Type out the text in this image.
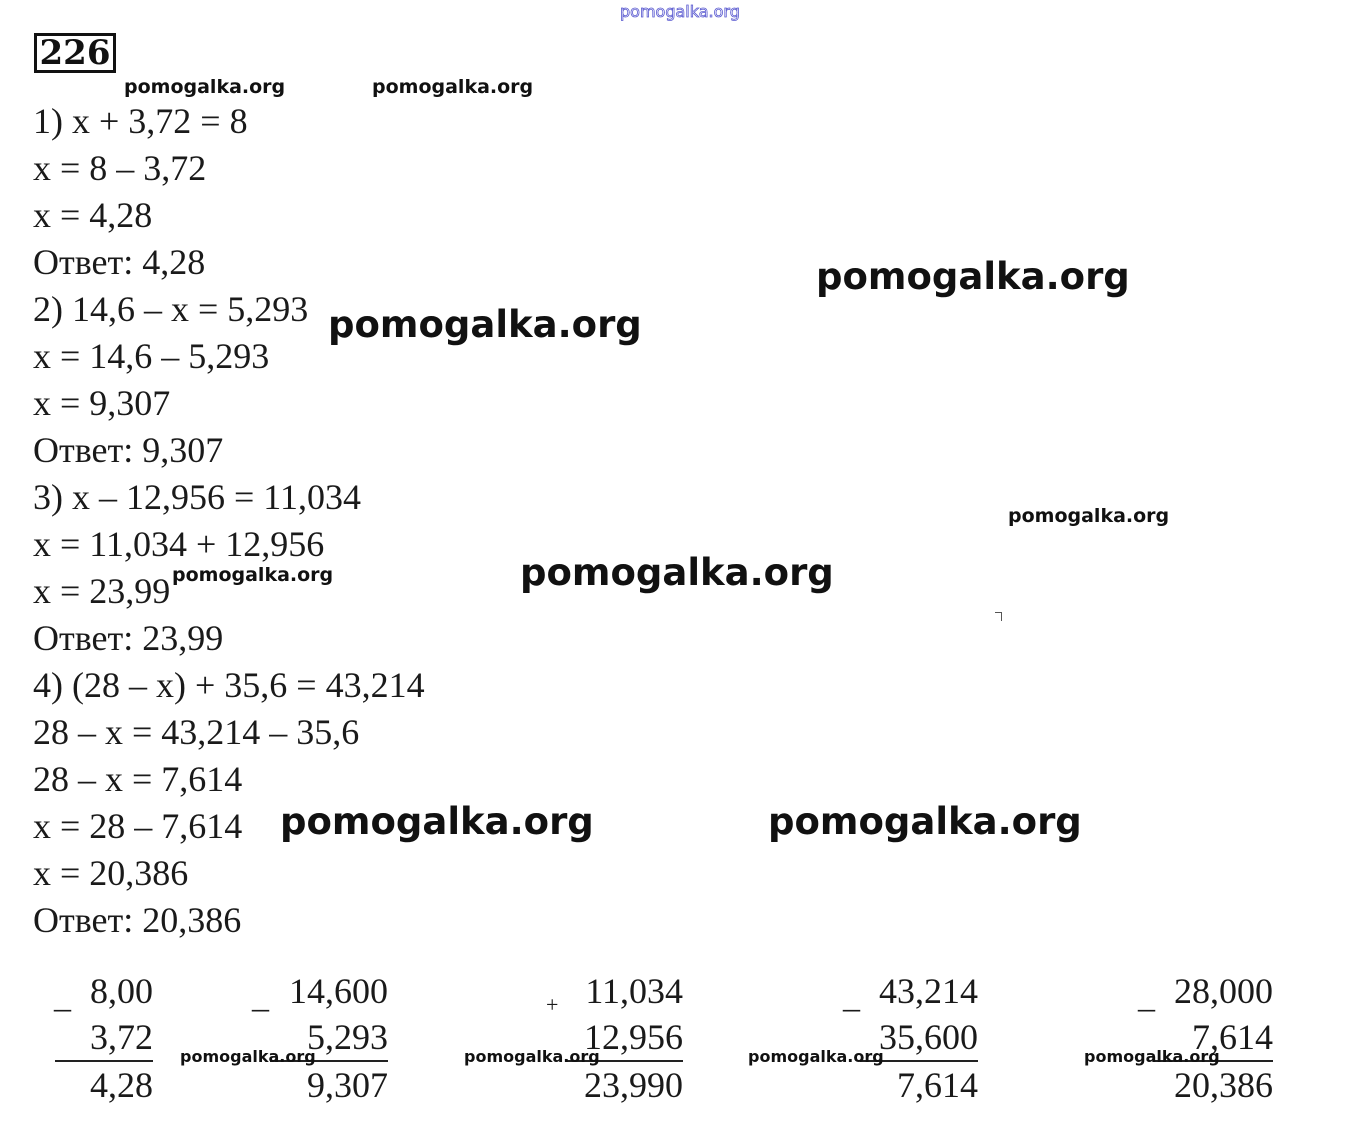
pomogalka.org
226
1) x + 3,72 = 8
x = 8 – 3,72
x = 4,28
Ответ: 4,28
2) 14,6 – x = 5,293
x = 14,6 – 5,293
x = 9,307
Ответ: 9,307
3) x – 12,956 = 11,034
x = 11,034 + 12,956
x = 23,99
Ответ: 23,99
4) (28 – x) + 35,6 = 43,214
28 – x = 43,214 – 35,6
28 – x = 7,614
x = 28 – 7,614
x = 20,386
Ответ: 20,386
_ 8,00
3,72
4,28
_ 14,600
5,293
9,307
+ 11,034
12,956
23,990
_ 43,214
35,600
7,614
_ 28,000
7,614
20,386
pomogalka.org	pomogalka.org
pomogalka.org
pomogalka.org
pomogalka.org
pomogalka.org	pomogalka.org
pomogalka.org	pomogalka.org
pomogalka.org	pomogalka.org	pomogalka.org	pomogalka.org
